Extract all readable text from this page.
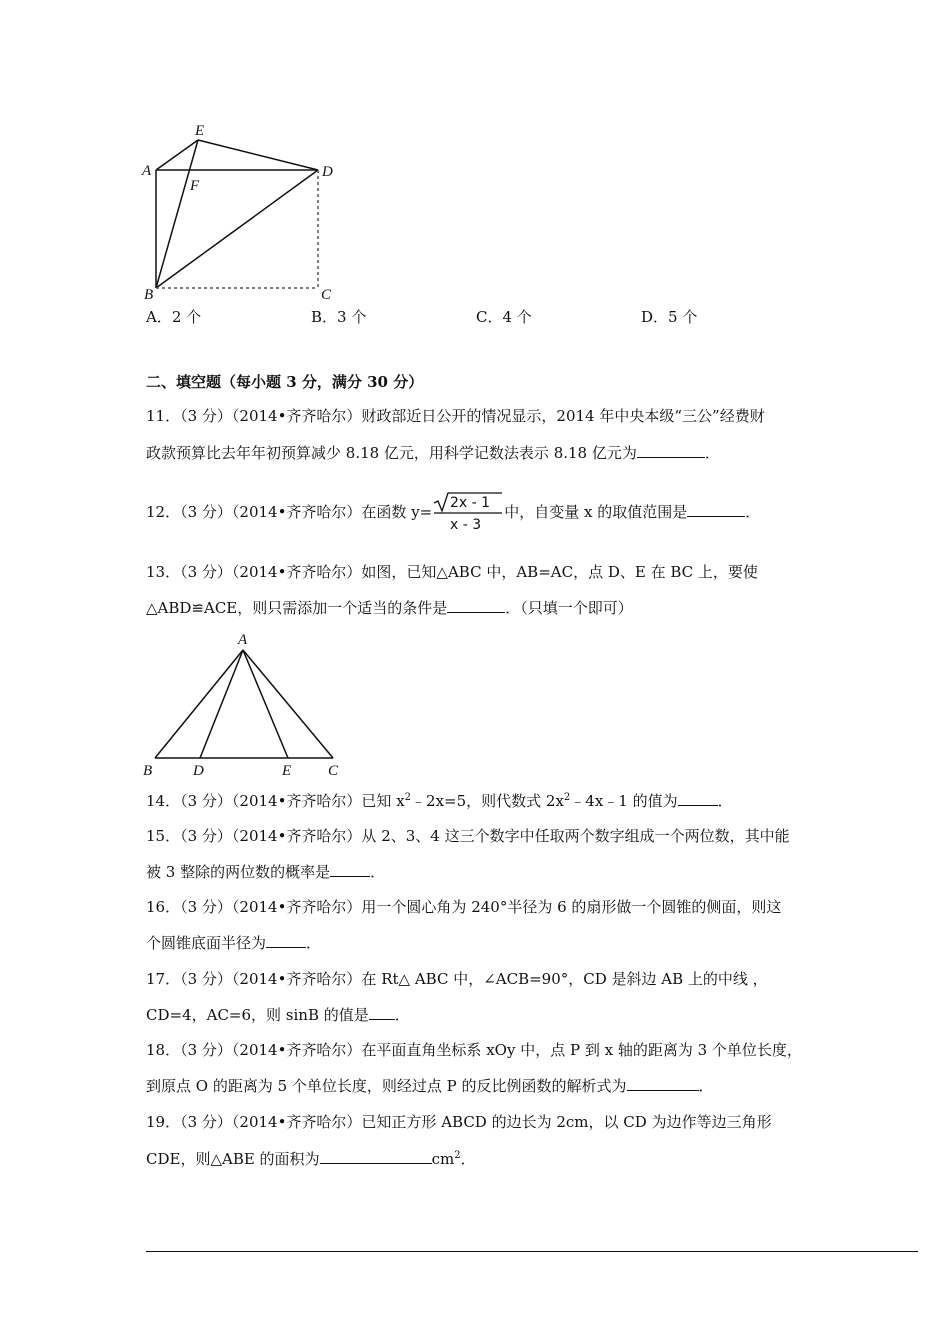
A
E
F
D
B	C
A．2 个	B．3 个	C．4 个	D．5 个
二、填空题（每小题 3 分，满分 30 分）
11．（3 分）（2014•齐齐哈尔）财政部近日公开的情况显示，2014 年中央本级“三公”经费财
政款预算比去年年初预算减少 8.18 亿元，用科学记数法表示 8.18 亿元为	．
12．（3 分）（2014•齐齐哈尔）在函数 y= 2x - 1
x - 3
中，自变量 x 的取值范围是	．
13．（3 分）（2014•齐齐哈尔）如图，已知△ABC 中，AB=AC，点 D、E 在 BC 上，要使
△ABD≌ACE，则只需添加一个适当的条件是	．（只填一个即可）
A
B	D	E C
14．（3 分）（2014•齐齐哈尔）已知 $x^2﹣2x=5$，则代数式 $2x^2﹣4x﹣1$ 的值为	．
15．（3 分）（2014•齐齐哈尔）从 2、3、4 这三个数字中任取两个数字组成一个两位数，其中能
被 3 整除的两位数的概率是	．
16．（3 分）（2014•齐齐哈尔）用一个圆心角为 240°半径为 6 的扇形做一个圆锥的侧面，则这
个圆锥底面半径为	．
17．（3 分）（2014•齐齐哈尔）在 Rt△ ABC 中，∠ACB=90°，CD 是斜边 AB 上的中线 ，
CD=4，AC=6，则 sinB 的值是 ．
18．（3 分）（2014•齐齐哈尔）在平面直角坐标系 xOy 中，点 P 到 x 轴的距离为 3 个单位长度，
到原点 O 的距离为 5 个单位长度，则经过点 P 的反比例函数的解析式为	．
19．（3 分）（2014•齐齐哈尔）已知正方形 ABCD 的边长为 2cm，以 CD 为边作等边三角形
CDE，则△ABE 的面积为	$cm^2$．
